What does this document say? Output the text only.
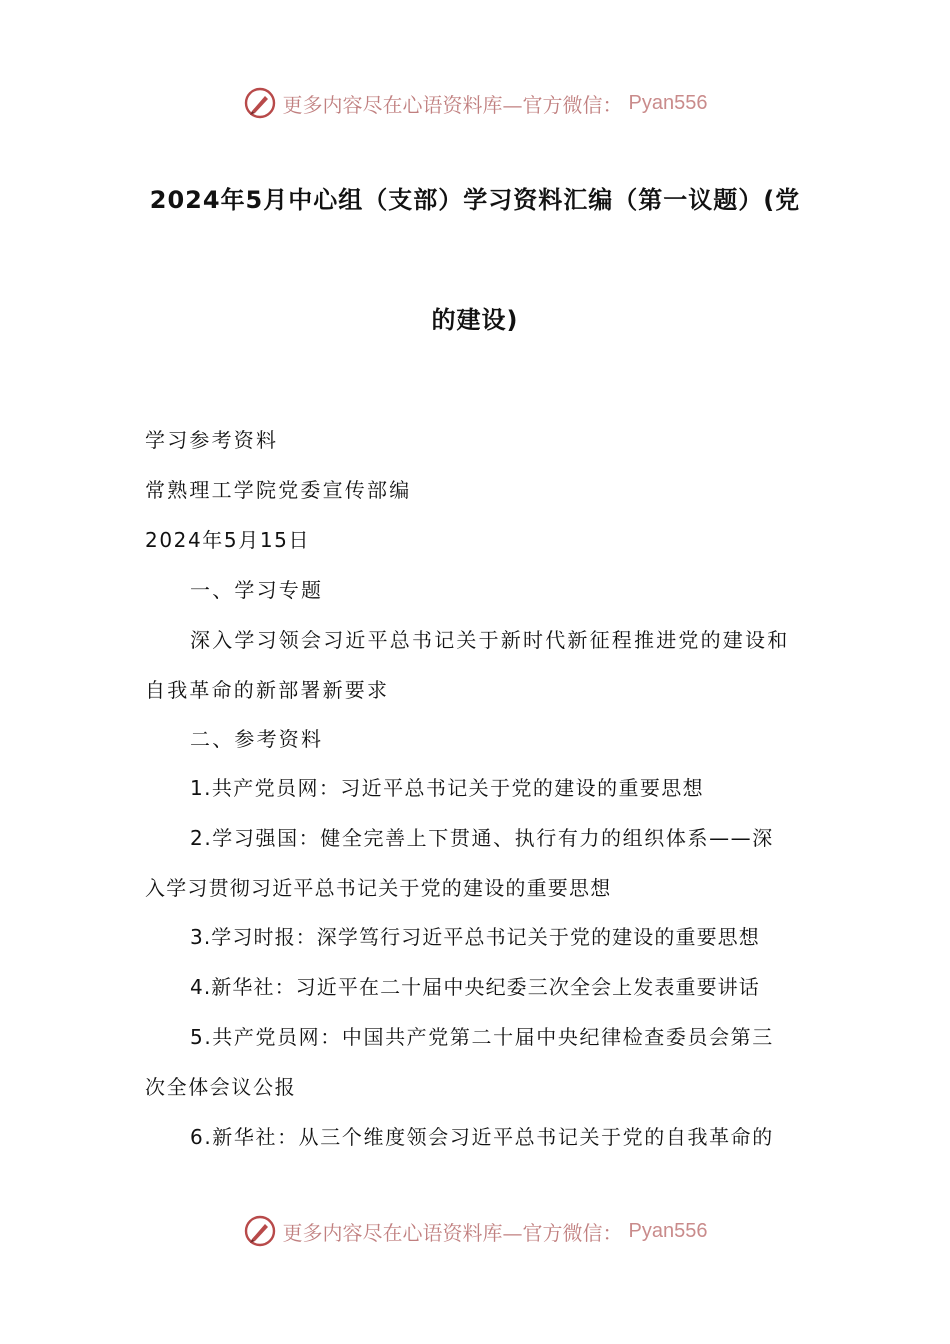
更多内容尽在心语资料库—官方微信： Pyan556
2024年5月中心组（支部）学习资料汇编（第一议题）(党
的建设)
学习参考资料
常熟理工学院党委宣传部编
2024年5月15日
一、学习专题
深入学习领会习近平总书记关于新时代新征程推进党的建设和
自我革命的新部署新要求
二、参考资料
1.共产党员网：习近平总书记关于党的建设的重要思想
2.学习强国：健全完善上下贯通、执行有力的组织体系——深
入学习贯彻习近平总书记关于党的建设的重要思想
3.学习时报：深学笃行习近平总书记关于党的建设的重要思想
4.新华社：习近平在二十届中央纪委三次全会上发表重要讲话
5.共产党员网：中国共产党第二十届中央纪律检查委员会第三
次全体会议公报
6.新华社：从三个维度领会习近平总书记关于党的自我革命的
更多内容尽在心语资料库—官方微信： Pyan556
